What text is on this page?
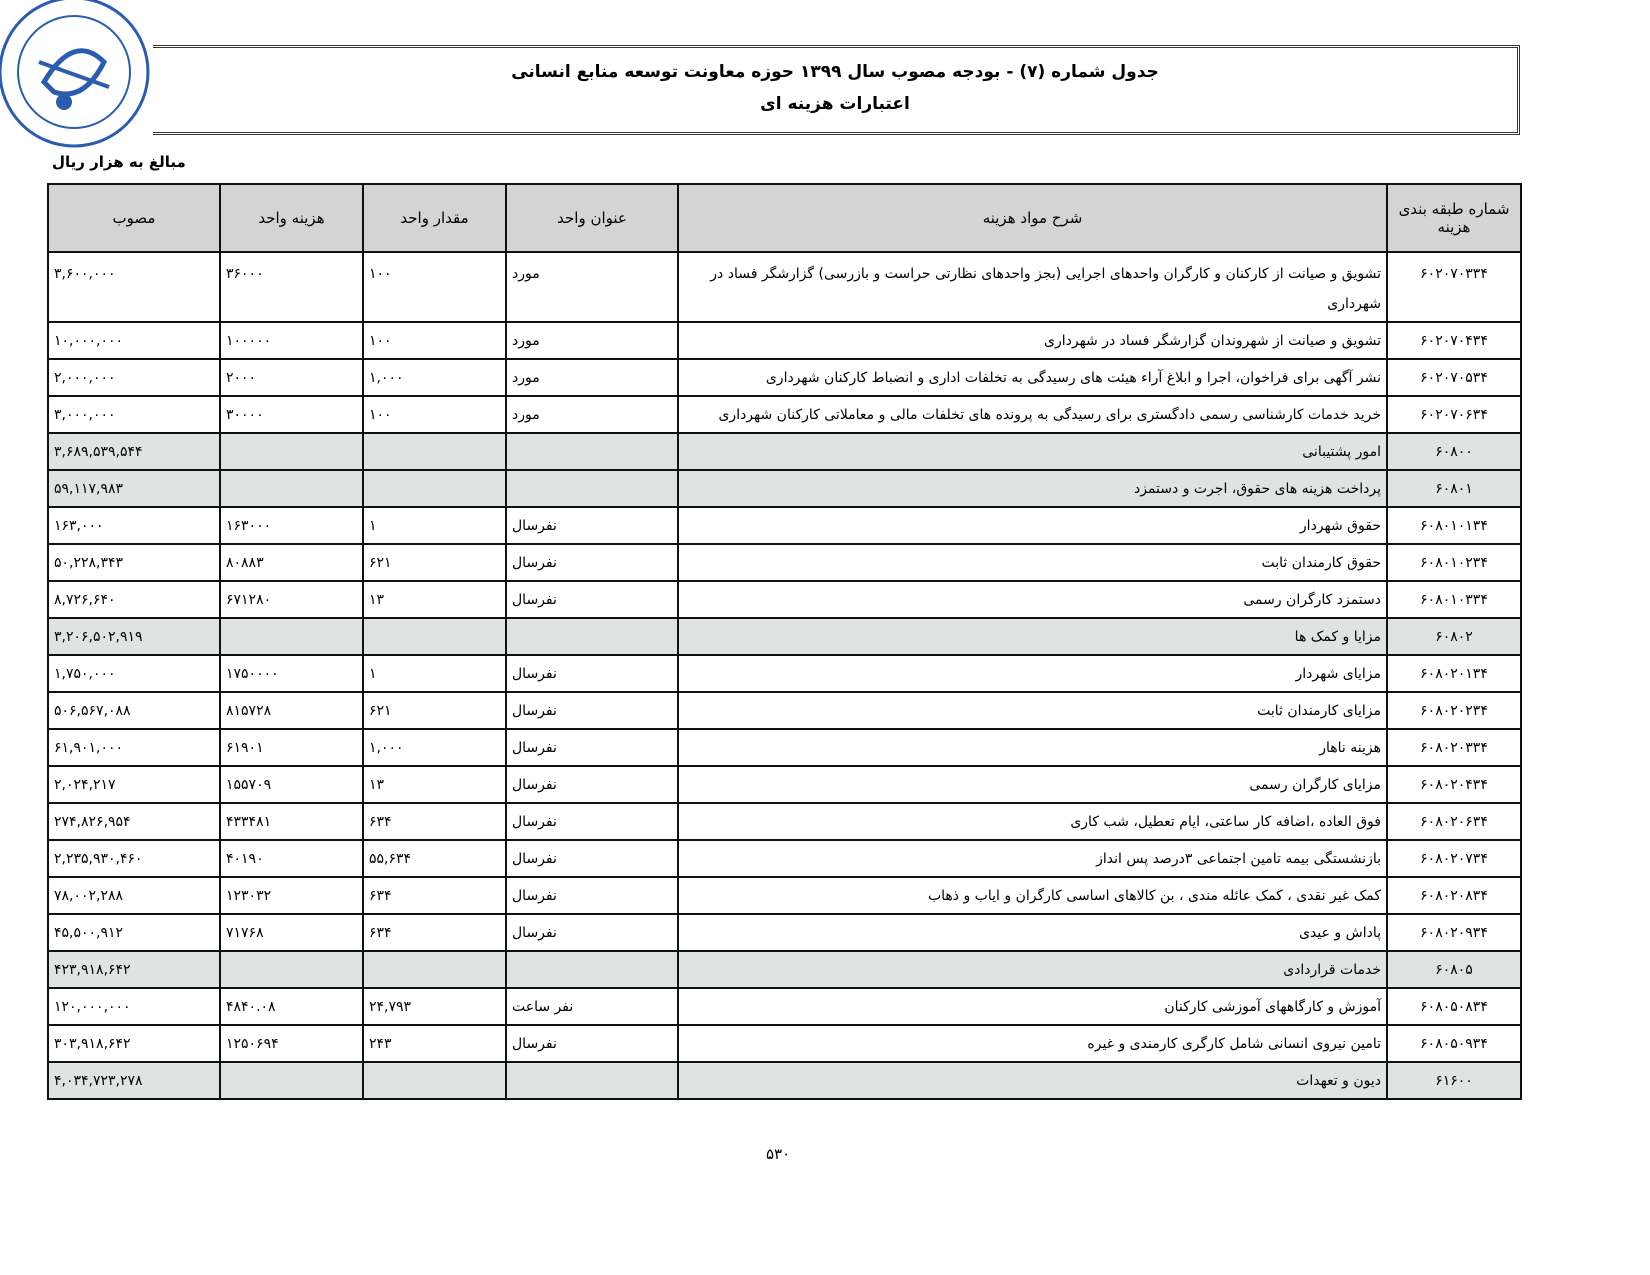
جدول شماره (۷) - بودجه مصوب سال ۱۳۹۹ حوزه معاونت توسعه منابع انسانی
اعتبارات هزینه ای
مبالغ به هزار ریال
شماره طبقه بندی هزینه	شرح مواد هزینه	عنوان واحد	مقدار واحد	هزینه واحد	مصوب
۶۰۲۰۷۰۳۳۴	تشویق و صیانت از کارکنان و کارگران واحدهای اجرایی (بجز واحدهای نظارتی حراست و بازرسی) گزارشگر فساد در شهرداری	مورد	۱۰۰	۳۶۰۰۰	۳,۶۰۰,۰۰۰
۶۰۲۰۷۰۴۳۴	تشویق و صیانت از شهروندان گزارشگر فساد در شهرداری	مورد	۱۰۰	۱۰۰۰۰۰	۱۰,۰۰۰,۰۰۰
۶۰۲۰۷۰۵۳۴	نشر آگهی برای فراخوان، اجرا و ابلاغ آراء هیئت های رسیدگی به تخلفات اداری و انضباط کارکنان شهرداری	مورد	۱,۰۰۰	۲۰۰۰	۲,۰۰۰,۰۰۰
۶۰۲۰۷۰۶۳۴	خرید خدمات کارشناسی رسمی دادگستری برای رسیدگی به پرونده های تخلفات مالی و معاملاتی کارکنان شهرداری	مورد	۱۰۰	۳۰۰۰۰	۳,۰۰۰,۰۰۰
۶۰۸۰۰	امور پشتیبانی				۳,۶۸۹,۵۳۹,۵۴۴
۶۰۸۰۱	پرداخت هزینه های حقوق، اجرت و دستمزد				۵۹,۱۱۷,۹۸۳
۶۰۸۰۱۰۱۳۴	حقوق شهردار	نفرسال	۱	۱۶۳۰۰۰	۱۶۳,۰۰۰
۶۰۸۰۱۰۲۳۴	حقوق کارمندان ثابت	نفرسال	۶۲۱	۸۰۸۸۳	۵۰,۲۲۸,۳۴۳
۶۰۸۰۱۰۳۳۴	دستمزد کارگران رسمی	نفرسال	۱۳	۶۷۱۲۸۰	۸,۷۲۶,۶۴۰
۶۰۸۰۲	مزایا و کمک ها				۳,۲۰۶,۵۰۲,۹۱۹
۶۰۸۰۲۰۱۳۴	مزایای شهردار	نفرسال	۱	۱۷۵۰۰۰۰	۱,۷۵۰,۰۰۰
۶۰۸۰۲۰۲۳۴	مزایای کارمندان ثابت	نفرسال	۶۲۱	۸۱۵۷۲۸	۵۰۶,۵۶۷,۰۸۸
۶۰۸۰۲۰۳۳۴	هزینه ناهار	نفرسال	۱,۰۰۰	۶۱۹۰۱	۶۱,۹۰۱,۰۰۰
۶۰۸۰۲۰۴۳۴	مزایای کارگران رسمی	نفرسال	۱۳	۱۵۵۷۰۹	۲,۰۲۴,۲۱۷
۶۰۸۰۲۰۶۳۴	فوق العاده ،اضافه کار ساعتی، ایام تعطیل، شب کاری	نفرسال	۶۳۴	۴۳۳۴۸۱	۲۷۴,۸۲۶,۹۵۴
۶۰۸۰۲۰۷۳۴	بازنشستگی بیمه تامین اجتماعی ۳درصد پس انداز	نفرسال	۵۵,۶۳۴	۴۰۱۹۰	۲,۲۳۵,۹۳۰,۴۶۰
۶۰۸۰۲۰۸۳۴	کمک غیر نقدی ، کمک عائله مندی ، بن کالاهای اساسی کارگران و ایاب و ذهاب	نفرسال	۶۳۴	۱۲۳۰۳۲	۷۸,۰۰۲,۲۸۸
۶۰۸۰۲۰۹۳۴	پاداش و عیدی	نفرسال	۶۳۴	۷۱۷۶۸	۴۵,۵۰۰,۹۱۲
۶۰۸۰۵	خدمات قراردادی				۴۲۳,۹۱۸,۶۴۲
۶۰۸۰۵۰۸۳۴	آموزش و کارگاههای آموزشی کارکنان	نفر ساعت	۲۴,۷۹۳	۴۸۴۰.۰۸	۱۲۰,۰۰۰,۰۰۰
۶۰۸۰۵۰۹۳۴	تامین نیروی انسانی شامل کارگری کارمندی و غیره	نفرسال	۲۴۳	۱۲۵۰۶۹۴	۳۰۳,۹۱۸,۶۴۲
۶۱۶۰۰	دیون و تعهدات				۴,۰۳۴,۷۲۳,۲۷۸
۵۳۰
